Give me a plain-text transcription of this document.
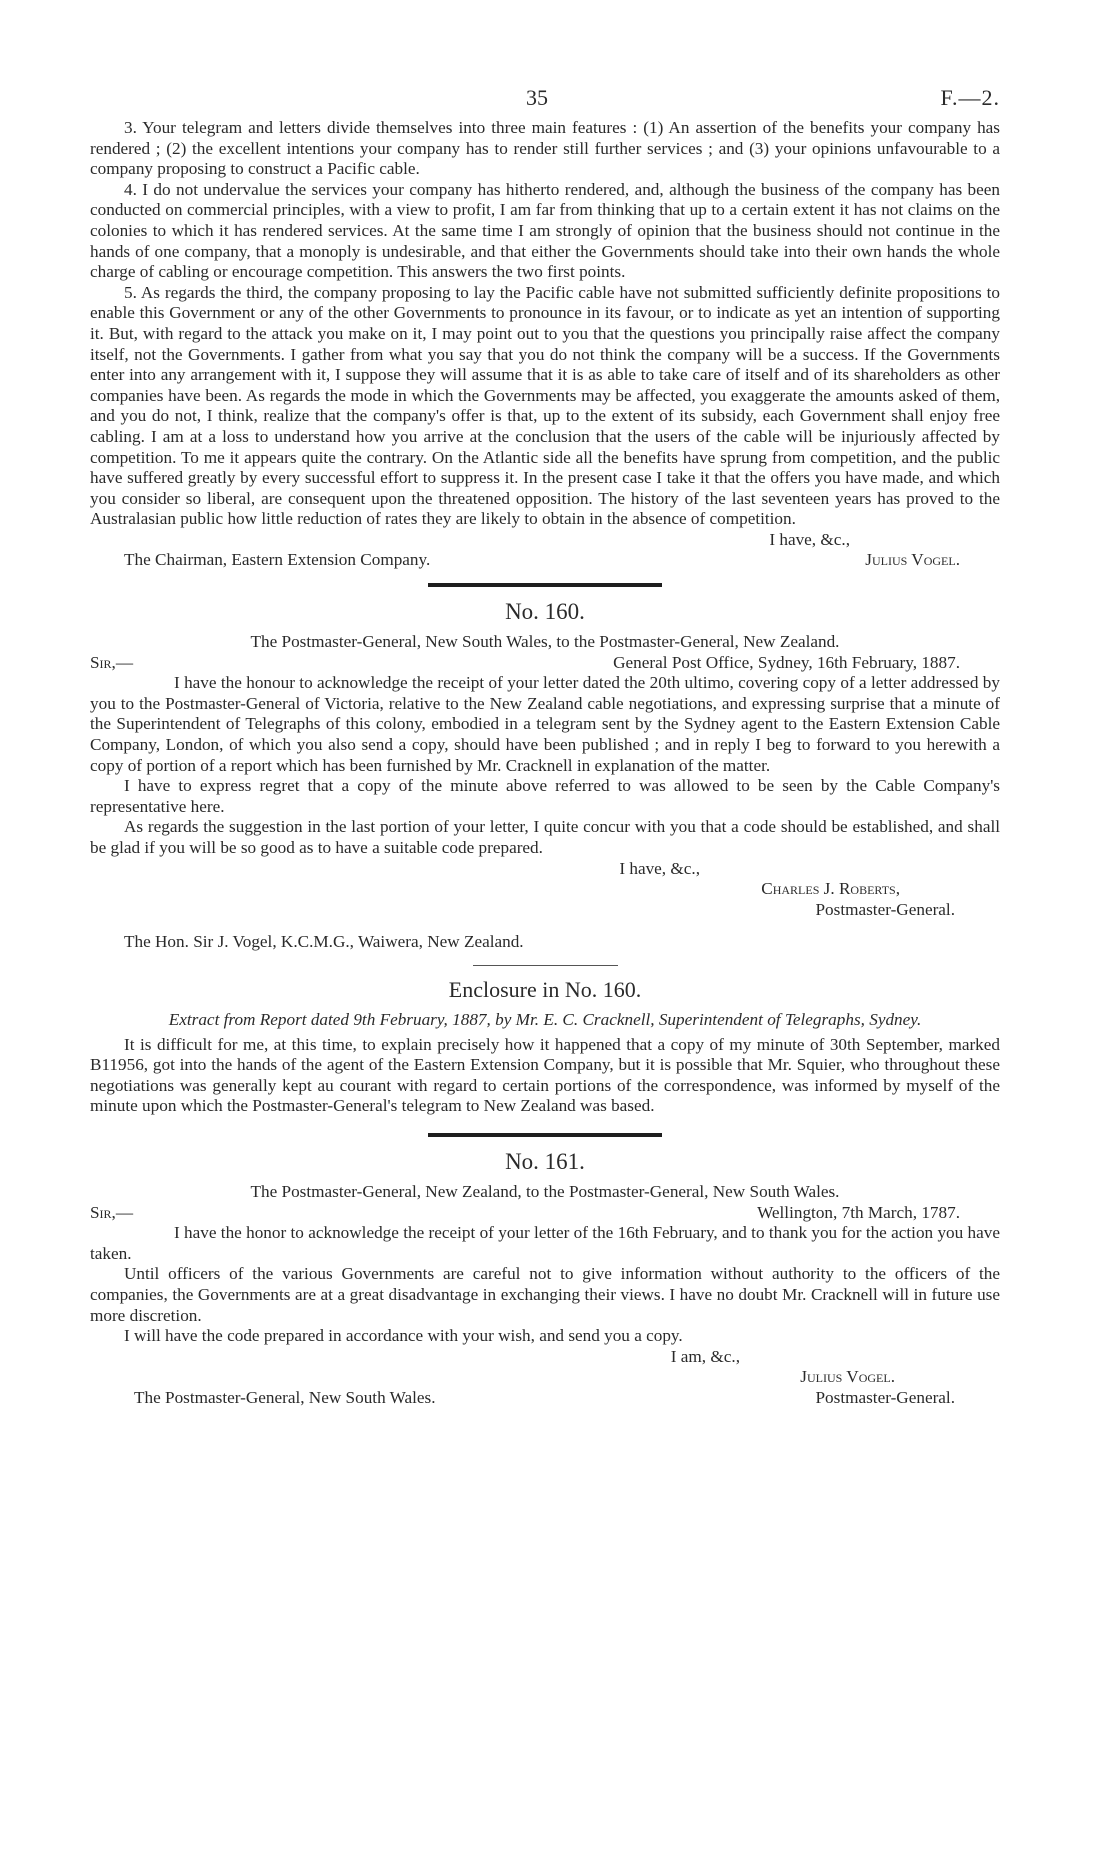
35	F.—2.

3. Your telegram and letters divide themselves into three main features : (1) An assertion of the benefits your company has rendered ; (2) the excellent intentions your company has to render still further services ; and (3) your opinions unfavourable to a company proposing to construct a Pacific cable.

4. I do not undervalue the services your company has hitherto rendered, and, although the business of the company has been conducted on commercial principles, with a view to profit, I am far from thinking that up to a certain extent it has not claims on the colonies to which it has rendered services. At the same time I am strongly of opinion that the business should not continue in the hands of one company, that a monoply is undesirable, and that either the Governments should take into their own hands the whole charge of cabling or encourage competition. This answers the two first points.

5. As regards the third, the company proposing to lay the Pacific cable have not submitted sufficiently definite propositions to enable this Government or any of the other Governments to pronounce in its favour, or to indicate as yet an intention of supporting it. But, with regard to the attack you make on it, I may point out to you that the questions you principally raise affect the company itself, not the Governments. I gather from what you say that you do not think the company will be a success. If the Governments enter into any arrangement with it, I suppose they will assume that it is as able to take care of itself and of its shareholders as other companies have been. As regards the mode in which the Governments may be affected, you exaggerate the amounts asked of them, and you do not, I think, realize that the company's offer is that, up to the extent of its subsidy, each Government shall enjoy free cabling. I am at a loss to understand how you arrive at the conclusion that the users of the cable will be injuriously affected by competition. To me it appears quite the contrary. On the Atlantic side all the benefits have sprung from competition, and the public have suffered greatly by every successful effort to suppress it. In the present case I take it that the offers you have made, and which you consider so liberal, are consequent upon the threatened opposition. The history of the last seventeen years has proved to the Australasian public how little reduction of rates they are likely to obtain in the absence of competition.

I have, &c.,

The Chairman, Eastern Extension Company.	Julius Vogel.
No. 160.

The Postmaster-General, New South Wales, to the Postmaster-General, New Zealand.

Sir,—	General Post Office, Sydney, 16th February, 1887.

I have the honour to acknowledge the receipt of your letter dated the 20th ultimo, covering copy of a letter addressed by you to the Postmaster-General of Victoria, relative to the New Zealand cable negotiations, and expressing surprise that a minute of the Superintendent of Telegraphs of this colony, embodied in a telegram sent by the Sydney agent to the Eastern Extension Cable Company, London, of which you also send a copy, should have been published ; and in reply I beg to forward to you herewith a copy of portion of a report which has been furnished by Mr. Cracknell in explanation of the matter.

I have to express regret that a copy of the minute above referred to was allowed to be seen by the Cable Company's representative here.

As regards the suggestion in the last portion of your letter, I quite concur with you that a code should be established, and shall be glad if you will be so good as to have a suitable code prepared.

I have, &c.,

Charles J. Roberts,

Postmaster-General.

The Hon. Sir J. Vogel, K.C.M.G., Waiwera, New Zealand.

Enclosure in No. 160.

Extract from Report dated 9th February, 1887, by Mr. E. C. Cracknell, Superintendent of Telegraphs, Sydney.

It is difficult for me, at this time, to explain precisely how it happened that a copy of my minute of 30th September, marked B11956, got into the hands of the agent of the Eastern Extension Company, but it is possible that Mr. Squier, who throughout these negotiations was generally kept au courant with regard to certain portions of the correspondence, was informed by myself of the minute upon which the Postmaster-General's telegram to New Zealand was based.

No. 161.

The Postmaster-General, New Zealand, to the Postmaster-General, New South Wales.

Sir,—	Wellington, 7th March, 1787.

I have the honor to acknowledge the receipt of your letter of the 16th February, and to thank you for the action you have taken.

Until officers of the various Governments are careful not to give information without authority to the officers of the companies, the Governments are at a great disadvantage in exchanging their views. I have no doubt Mr. Cracknell will in future use more discretion.

I will have the code prepared in accordance with your wish, and send you a copy.

I am, &c.,

Julius Vogel.

The Postmaster-General, New South Wales.	Postmaster-General.
